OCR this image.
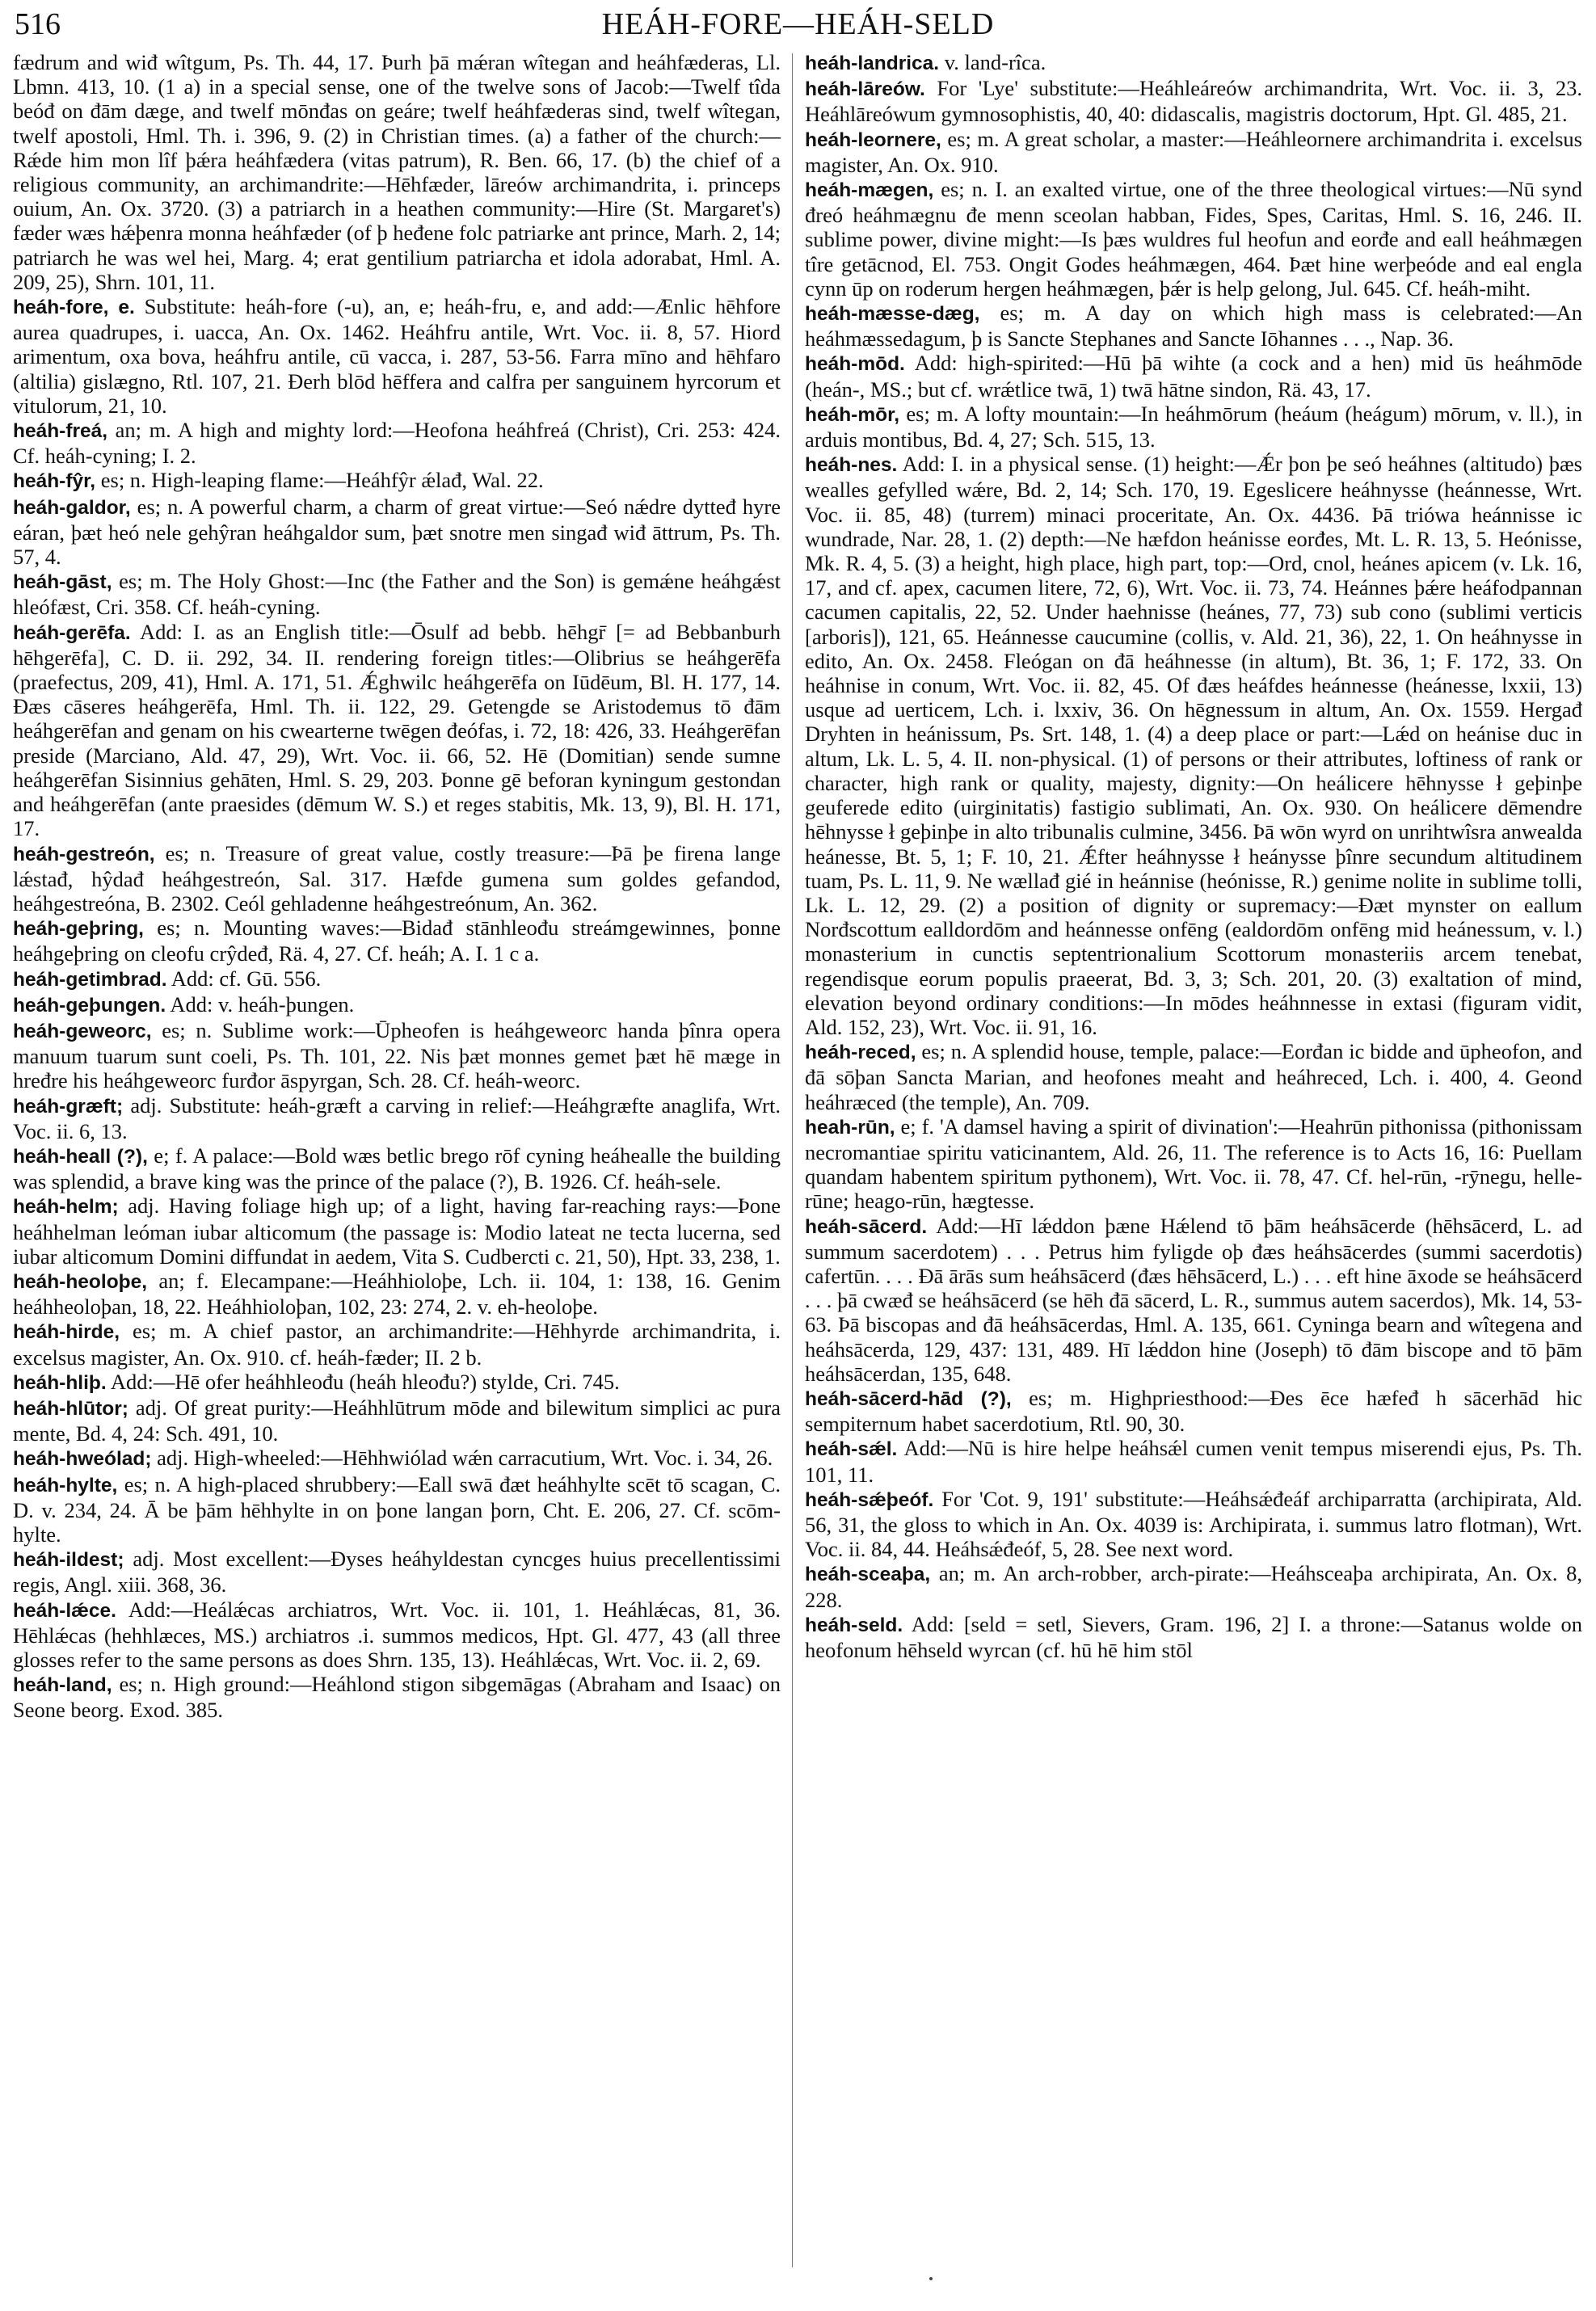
516	HEÁH-FORE—HEÁH-SELD

fædrum and wiđ wîtgum, Ps. Th. 44, 17. Þurh þā mǽran wîtegan and heáhfæderas, Ll. Lbmn. 413, 10. (1 a) in a special sense, one of the twelve sons of Jacob:—Twelf tîda beóđ on đām dæge, and twelf mōnđas on geáre; twelf heáhfæderas sind, twelf wîtegan, twelf apostoli, Hml. Th. i. 396, 9. (2) in Christian times. (a) a father of the church:—Rǽde him mon lîf þǽra heáhfædera (vitas patrum), R. Ben. 66, 17. (b) the chief of a religious community, an archimandrite:—Hēhfæder, lāreów archimandrita, i. princeps ouium, An. Ox. 3720. (3) a patriarch in a heathen community:—Hire (St. Margaret's) fæder wæs hǽþenra monna heáhfæder (of þ heđene folc patriarke ant prince, Marh. 2, 14; patriarch he was wel hei, Marg. 4; erat gentilium patriarcha et idola adorabat, Hml. A. 209, 25), Shrn. 101, 11.

heáh-fore, e. Substitute: heáh-fore (-u), an, e; heáh-fru, e, and add:—Ænlic hēhfore aurea quadrupes, i. uacca, An. Ox. 1462. Heáhfru antile, Wrt. Voc. ii. 8, 57. Hiord arimentum, oxa bova, heáhfru antile, cū vacca, i. 287, 53-56. Farra mīno and hēhfaro (altilia) gislægno, Rtl. 107, 21. Đerh blōd hēffera and calfra per sanguinem hyrcorum et vitulorum, 21, 10.

heáh-freá, an; m. A high and mighty lord:—Heofona heáhfreá (Christ), Cri. 253: 424. Cf. heáh-cyning; I. 2.

heáh-fŷr, es; n. High-leaping flame:—Heáhfŷr ǽlađ, Wal. 22.

heáh-galdor, es; n. A powerful charm, a charm of great virtue:—Seó nǽdre dytteđ hyre eáran, þæt heó nele gehŷran heáhgaldor sum, þæt snotre men singađ wiđ āttrum, Ps. Th. 57, 4.

heáh-gāst, es; m. The Holy Ghost:—Inc (the Father and the Son) is gemǽne heáhgǽst hleófæst, Cri. 358. Cf. heáh-cyning.

heáh-gerēfa. Add: I. as an English title:—Ōsulf ad bebb. hēhgr̄ [= ad Bebbanburh hēhgerēfa], C. D. ii. 292, 34. II. rendering foreign titles:—Olibrius se heáhgerēfa (praefectus, 209, 41), Hml. A. 171, 51. Ǽghwilc heáhgerēfa on Iūdēum, Bl. H. 177, 14. Đæs cāseres heáhgerēfa, Hml. Th. ii. 122, 29. Getengde se Aristodemus tō đām heáhgerēfan and genam on his cwearterne twēgen đeófas, i. 72, 18: 426, 33. Heáhgerēfan preside (Marciano, Ald. 47, 29), Wrt. Voc. ii. 66, 52. Hē (Domitian) sende sumne heáhgerēfan Sisinnius gehāten, Hml. S. 29, 203. Þonne gē beforan kyningum gestondan and heáhgerēfan (ante praesides (dēmum W. S.) et reges stabitis, Mk. 13, 9), Bl. H. 171, 17.

heáh-gestreón, es; n. Treasure of great value, costly treasure:—Þā þe firena lange lǽstađ, hŷdađ heáhgestreón, Sal. 317. Hæfde gumena sum goldes gefandod, heáhgestreóna, B. 2302. Ceól gehladenne heáhgestreónum, An. 362.

heáh-geþring, es; n. Mounting waves:—Bidađ stānhleođu streámgewinnes, þonne heáhgeþring on cleofu crŷdeđ, Rä. 4, 27. Cf. heáh; A. I. 1 c a.

heáh-getimbrad. Add: cf. Gū. 556.

heáh-geþungen. Add: v. heáh-þungen.

heáh-geweorc, es; n. Sublime work:—Ūpheofen is heáhgeweorc handa þînra opera manuum tuarum sunt coeli, Ps. Th. 101, 22. Nis þæt monnes gemet þæt hē mæge in hređre his heáhgeweorc furđor āspyrgan, Sch. 28. Cf. heáh-weorc.

heáh-græft; adj. Substitute: heáh-græft a carving in relief:—Heáhgræfte anaglifa, Wrt. Voc. ii. 6, 13.

heáh-heall (?), e; f. A palace:—Bold wæs betlic brego rōf cyning heáhealle the building was splendid, a brave king was the prince of the palace (?), B. 1926. Cf. heáh-sele.

heáh-helm; adj. Having foliage high up; of a light, having far-reaching rays:—Þone heáhhelman leóman iubar alticomum (the passage is: Modio lateat ne tecta lucerna, sed iubar alticomum Domini diffundat in aedem, Vita S. Cudbercti c. 21, 50), Hpt. 33, 238, 1.

heáh-heoloþe, an; f. Elecampane:—Heáhhioloþe, Lch. ii. 104, 1: 138, 16. Genim heáhheoloþan, 18, 22. Heáhhioloþan, 102, 23: 274, 2. v. eh-heoloþe.

heáh-hirde, es; m. A chief pastor, an archimandrite:—Hēhhyrde archimandrita, i. excelsus magister, An. Ox. 910. cf. heáh-fæder; II. 2 b.

heáh-hliþ. Add:—Hē ofer heáhhleođu (heáh hleođu?) stylde, Cri. 745.

heáh-hlūtor; adj. Of great purity:—Heáhhlūtrum mōde and bilewitum simplici ac pura mente, Bd. 4, 24: Sch. 491, 10.

heáh-hweólad; adj. High-wheeled:—Hēhhwiólad wǽn carracutium, Wrt. Voc. i. 34, 26.

heáh-hylte, es; n. A high-placed shrubbery:—Eall swā đæt heáhhylte scēt tō scagan, C. D. v. 234, 24. Ā be þām hēhhylte in on þone langan þorn, Cht. E. 206, 27. Cf. scōm-hylte.

heáh-ildest; adj. Most excellent:—Đyses heáhyldestan cyncges huius precellentissimi regis, Angl. xiii. 368, 36.

heáh-lǽce. Add:—Heálǽcas archiatros, Wrt. Voc. ii. 101, 1. Heáhlǽcas, 81, 36. Hēhlǽcas (hehhlæces, MS.) archiatros .i. summos medicos, Hpt. Gl. 477, 43 (all three glosses refer to the same persons as does Shrn. 135, 13). Heáhlǽcas, Wrt. Voc. ii. 2, 69.

heáh-land, es; n. High ground:—Heáhlond stigon sibgemāgas (Abraham and Isaac) on Seone beorg. Exod. 385.

heáh-landrica. v. land-rîca.

heáh-lāreów. For 'Lye' substitute:—Heáhleáreów archimandrita, Wrt. Voc. ii. 3, 23. Heáhlāreówum gymnosophistis, 40, 40: didascalis, magistris doctorum, Hpt. Gl. 485, 21.

heáh-leornere, es; m. A great scholar, a master:—Heáhleornere archimandrita i. excelsus magister, An. Ox. 910.

heáh-mægen, es; n. I. an exalted virtue, one of the three theological virtues:—Nū synd đreó heáhmægnu đe menn sceolan habban, Fides, Spes, Caritas, Hml. S. 16, 246. II. sublime power, divine might:—Is þæs wuldres ful heofun and eorđe and eall heáhmægen tîre getācnod, El. 753. Ongit Godes heáhmægen, 464. Þæt hine werþeóde and eal engla cynn ūp on roderum hergen heáhmægen, þǽr is help gelong, Jul. 645. Cf. heáh-miht.

heáh-mæsse-dæg, es; m. A day on which high mass is celebrated:—An heáhmæssedagum, þ is Sancte Stephanes and Sancte Iōhannes . . ., Nap. 36.

heáh-mōd. Add: high-spirited:—Hū þā wihte (a cock and a hen) mid ūs heáhmōde (heán-, MS.; but cf. wrǽtlice twā, 1) twā hātne sindon, Rä. 43, 17.

heáh-mōr, es; m. A lofty mountain:—In heáhmōrum (heáum (heágum) mōrum, v. ll.), in arduis montibus, Bd. 4, 27; Sch. 515, 13.

heáh-nes. Add: I. in a physical sense. (1) height:—Ǽr þon þe seó heáhnes (altitudo) þæs wealles gefylled wǽre, Bd. 2, 14; Sch. 170, 19. Egeslicere heáhnysse (heánnesse, Wrt. Voc. ii. 85, 48) (turrem) minaci proceritate, An. Ox. 4436. Þā triówa heánnisse ic wundrade, Nar. 28, 1. (2) depth:—Ne hæfdon heánisse eorđes, Mt. L. R. 13, 5. Heónisse, Mk. R. 4, 5. (3) a height, high place, high part, top:—Ord, cnol, heánes apicem (v. Lk. 16, 17, and cf. apex, cacumen litere, 72, 6), Wrt. Voc. ii. 73, 74. Heánnes þǽre heáfodpannan cacumen capitalis, 22, 52. Under haehnisse (heánes, 77, 73) sub cono (sublimi verticis [arboris]), 121, 65. Heánnesse caucumine (collis, v. Ald. 21, 36), 22, 1. On heáhnysse in edito, An. Ox. 2458. Fleógan on đā heáhnesse (in altum), Bt. 36, 1; F. 172, 33. On heáhnise in conum, Wrt. Voc. ii. 82, 45. Of đæs heáfdes heánnesse (heánesse, lxxii, 13) usque ad uerticem, Lch. i. lxxiv, 36. On hēgnessum in altum, An. Ox. 1559. Hergađ Dryhten in heánissum, Ps. Srt. 148, 1. (4) a deep place or part:—Lǽd on heánise duc in altum, Lk. L. 5, 4. II. non-physical. (1) of persons or their attributes, loftiness of rank or character, high rank or quality, majesty, dignity:—On heálicere hēhnysse ł geþinþe geuferede edito (uirginitatis) fastigio sublimati, An. Ox. 930. On heálicere dēmendre hēhnysse ł geþinþe in alto tribunalis culmine, 3456. Þā wōn wyrd on unrihtwîsra anwealda heánesse, Bt. 5, 1; F. 10, 21. Ǽfter heáhnysse ł heánysse þînre secundum altitudinem tuam, Ps. L. 11, 9. Ne wællađ gié in heánnise (heónisse, R.) genime nolite in sublime tolli, Lk. L. 12, 29. (2) a position of dignity or supremacy:—Đæt mynster on eallum Norđscottum ealldordōm and heánnesse onfēng (ealdordōm onfēng mid heánessum, v. l.) monasterium in cunctis septentrionalium Scottorum monasteriis arcem tenebat, regendisque eorum populis praeerat, Bd. 3, 3; Sch. 201, 20. (3) exaltation of mind, elevation beyond ordinary conditions:—In mōdes heáhnnesse in extasi (figuram vidit, Ald. 152, 23), Wrt. Voc. ii. 91, 16.

heáh-reced, es; n. A splendid house, temple, palace:—Eorđan ic bidde and ūpheofon, and đā sōþan Sancta Marian, and heofones meaht and heáhreced, Lch. i. 400, 4. Geond heáhræced (the temple), An. 709.

heah-rūn, e; f. 'A damsel having a spirit of divination':—Heahrūn pithonissa (pithonissam necromantiae spiritu vaticinantem, Ald. 26, 11. The reference is to Acts 16, 16: Puellam quandam habentem spiritum pythonem), Wrt. Voc. ii. 78, 47. Cf. hel-rūn, -rȳnegu, helle-rūne; heago-rūn, hægtesse.

heáh-sācerd. Add:—Hī lǽddon þæne Hǽlend tō þām heáhsācerde (hēhsācerd, L. ad summum sacerdotem) . . . Petrus him fyligde oþ đæs heáhsācerdes (summi sacerdotis) cafertūn. . . . Đā ārās sum heáhsācerd (đæs hēhsācerd, L.) . . . eft hine āxode se heáhsācerd . . . þā cwæđ se heáhsācerd (se hēh đā sācerd, L. R., summus autem sacerdos), Mk. 14, 53-63. Þā biscopas and đā heáhsācerdas, Hml. A. 135, 661. Cyninga bearn and wîtegena and heáhsācerda, 129, 437: 131, 489. Hī lǽddon hine (Joseph) tō đām biscope and tō þām heáhsācerdan, 135, 648.

heáh-sācerd-hād (?), es; m. Highpriesthood:—Đes ēce hæfeđ h sācerhād hic sempiternum habet sacerdotium, Rtl. 90, 30.

heáh-sǽl. Add:—Nū is hire helpe heáhsǽl cumen venit tempus miserendi ejus, Ps. Th. 101, 11.

heáh-sǽþeóf. For 'Cot. 9, 191' substitute:—Heáhsǽđeáf archiparratta (archipirata, Ald. 56, 31, the gloss to which in An. Ox. 4039 is: Archipirata, i. summus latro flotman), Wrt. Voc. ii. 84, 44. Heáhsǽđeóf, 5, 28. See next word.

heáh-sceaþa, an; m. An arch-robber, arch-pirate:—Heáhsceaþa archipirata, An. Ox. 8, 228.

heáh-seld. Add: [seld = setl, Sievers, Gram. 196, 2] I. a throne:—Satanus wolde on heofonum hēhseld wyrcan (cf. hū hē him stōl
